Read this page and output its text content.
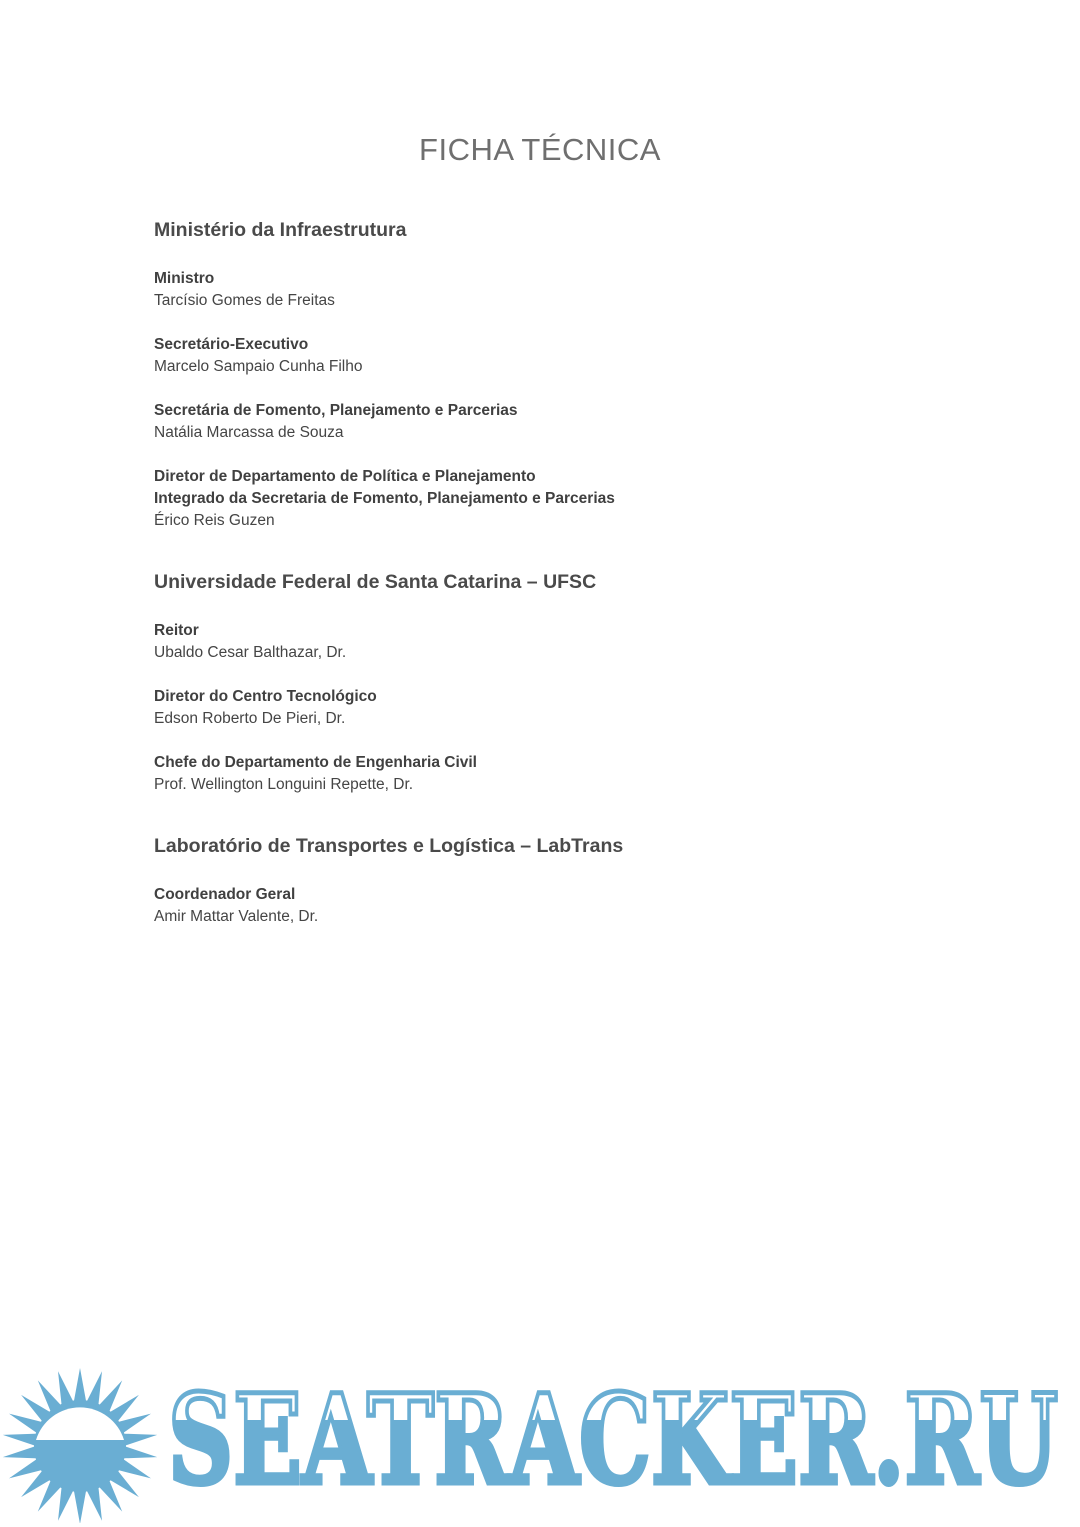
FICHA TÉCNICA
Ministério da Infraestrutura
Ministro
Tarcísio Gomes de Freitas
Secretário-Executivo
Marcelo Sampaio Cunha Filho
Secretária de Fomento, Planejamento e Parcerias
Natália Marcassa de Souza
Diretor de Departamento de Política e Planejamento
Integrado da Secretaria de Fomento, Planejamento e Parcerias
Érico Reis Guzen
Universidade Federal de Santa Catarina – UFSC
Reitor
Ubaldo Cesar Balthazar, Dr.
Diretor do Centro Tecnológico
Edson Roberto De Pieri, Dr.
Chefe do Departamento de Engenharia Civil
Prof. Wellington Longuini Repette, Dr.
Laboratório de Transportes e Logística – LabTrans
Coordenador Geral
Amir Mattar Valente, Dr.
SEATRACKER.RU
